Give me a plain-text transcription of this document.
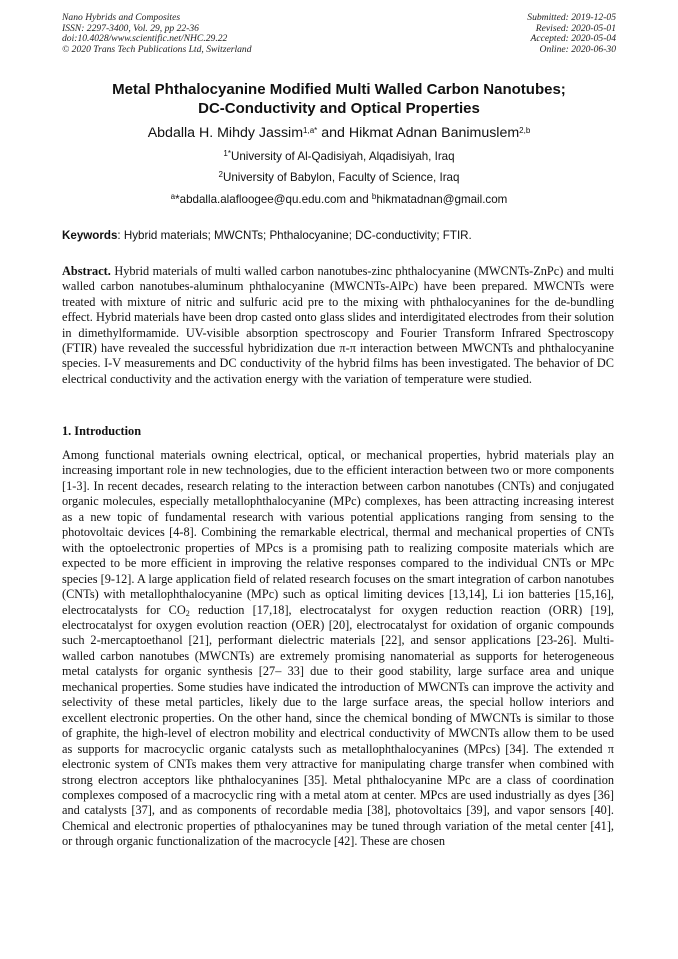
Nano Hybrids and Composites
ISSN: 2297-3400, Vol. 29, pp 22-36
doi:10.4028/www.scientific.net/NHC.29.22
© 2020 Trans Tech Publications Ltd, Switzerland
Submitted: 2019-12-05
Revised: 2020-05-01
Accepted: 2020-05-04
Online: 2020-06-30
Metal Phthalocyanine Modified Multi Walled Carbon Nanotubes;
DC-Conductivity and Optical Properties
Abdalla H. Mihdy Jassim$^{1,a*}$ and Hikmat Adnan Banimuslem$^{2,b}$
$^{1*}$University of Al-Qadisiyah, Alqadisiyah, Iraq
$^2$University of Babylon, Faculty of Science, Iraq
$^a$*abdalla.alafloogee@qu.edu.com and $^b$hikmatadnan@gmail.com
Keywords: Hybrid materials; MWCNTs; Phthalocyanine; DC-conductivity; FTIR.
Abstract. Hybrid materials of multi walled carbon nanotubes-zinc phthalocyanine (MWCNTs-ZnPc) and multi walled carbon nanotubes-aluminum phthalocyanine (MWCNTs-AlPc) have been prepared. MWCNTs were treated with mixture of nitric and sulfuric acid pre to the mixing with phthalocyanines for the de-bundling effect. Hybrid materials have been drop casted onto glass slides and interdigitated electrodes from their solution in dimethylformamide. UV-visible absorption spectroscopy and Fourier Transform Infrared Spectroscopy (FTIR) have revealed the successful hybridization due π-π interaction between MWCNTs and phthalocyanine species. I-V measurements and DC conductivity of the hybrid films has been investigated. The behavior of DC electrical conductivity and the activation energy with the variation of temperature were studied.
1. Introduction
Among functional materials owning electrical, optical, or mechanical properties, hybrid materials play an increasing important role in new technologies, due to the efficient interaction between two or more components [1-3]. In recent decades, research relating to the interaction between carbon nanotubes (CNTs) and conjugated organic molecules, especially metallophthalocyanine (MPc) complexes, has been attracting increasing interest as a new topic of fundamental research with various potential applications ranging from sensing to the photovoltaic devices [4-8]. Combining the remarkable electrical, thermal and mechanical properties of CNTs with the optoelectronic properties of MPcs is a promising path to realizing composite materials which are expected to be more efficient in improving the relative responses compared to the individual CNTs or MPc species [9-12]. A large application field of related research focuses on the smart integration of carbon nanotubes (CNTs) with metallophthalocyanine (MPc) such as optical limiting devices [13,14], Li ion batteries [15,16], electrocatalysts for $CO_2$ reduction [17,18], electrocatalyst for oxygen reduction reaction (ORR) [19], electrocatalyst for oxygen evolution reaction (OER) [20], electrocatalyst for oxidation of organic compounds such 2-mercaptoethanol [21], performant dielectric materials [22], and sensor applications [23-26]. Multi-walled carbon nanotubes (MWCNTs) are extremely promising nanomaterial as supports for heterogeneous metal catalysts for organic synthesis [27– 33] due to their good stability, large surface area and unique mechanical properties. Some studies have indicated the introduction of MWCNTs can improve the activity and selectivity of these metal particles, likely due to the large surface areas, the special hollow interiors and excellent electronic properties. On the other hand, since the chemical bonding of MWCNTs is similar to those of graphite, the high-level of electron mobility and electrical conductivity of MWCNTs allow them to be used as supports for macrocyclic organic catalysts such as metallophthalocyanines (MPcs) [34]. The extended π electronic system of CNTs makes them very attractive for manipulating charge transfer when combined with strong electron acceptors like phthalocyanines [35]. Metal phthalocyanine MPc are a class of coordination complexes composed of a macrocyclic ring with a metal atom at center. MPcs are used industrially as dyes [36] and catalysts [37], and as components of recordable media [38], photovoltaics [39], and vapor sensors [40]. Chemical and electronic properties of pthalocyanines may be tuned through variation of the metal center [41], or through organic functionalization of the macrocycle [42]. These are chosen
